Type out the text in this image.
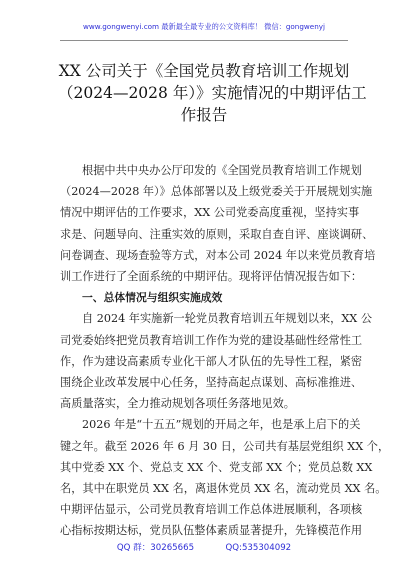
www.gongwenyi.com 最新最全最专业的公文资料库！ 微信：gongwenyj
XX 公司关于《全国党员教育培训工作规划
（2024—2028 年）》实施情况的中期评估工
作报告

根据中共中央办公厅印发的《全国党员教育培训工作规划
（2024—2028 年）》总体部署以及上级党委关于开展规划实施
情况中期评估的工作要求，XX 公司党委高度重视，坚持实事
求是、问题导向、注重实效的原则，采取自查自评、座谈调研、
问卷调查、现场查验等方式，对本公司 2024 年以来党员教育培
训工作进行了全面系统的中期评估。现将评估情况报告如下：

一、总体情况与组织实施成效

自 2024 年实施新一轮党员教育培训五年规划以来，XX 公
司党委始终把党员教育培训工作作为党的建设基础性经常性工
作，作为建设高素质专业化干部人才队伍的先导性工程，紧密
围绕企业改革发展中心任务，坚持高起点谋划、高标准推进、
高质量落实，全力推动规划各项任务落地见效。

2026 年是“十五五”规划的开局之年，也是承上启下的关
键之年。截至 2026 年 6 月 30 日，公司共有基层党组织 XX 个，
其中党委 XX 个、党总支 XX 个、党支部 XX 个；党员总数 XX
名，其中在职党员 XX 名，离退休党员 XX 名，流动党员 XX 名。
中期评估显示，公司党员教育培训工作总体进展顺利，各项核
心指标按期达标，党员队伍整体素质显著提升，先锋模范作用

QQ 群：30265665	QQ:535304092
